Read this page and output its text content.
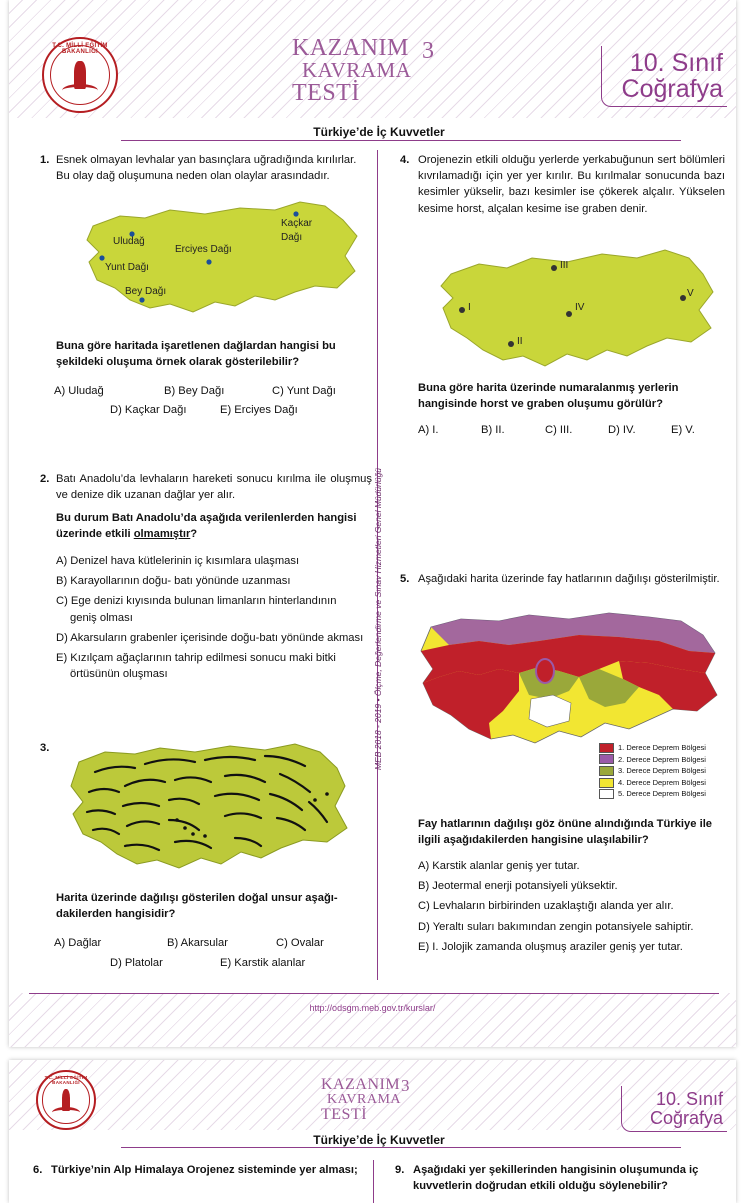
T.C. MİLLİ EĞİTİM BAKANLIĞI	KAZANIM
KAVRAMA
TESTİ
3	10. Sınıf
Coğrafya
Türkiye’de İç Kuvvetler
MEB 2018 - 2019 • Ölçme, Değerlendirme ve Sınav Hizmetleri Genel Müdürlüğü
1. Esnek olmayan levhalar yan basınçlara uğradığında kırılırlar. Bu olay dağ oluşumuna neden olan olaylar arasındadır.
Uludağ
Yunt Dağı
Bey Dağı
Erciyes Dağı
Kaçkar
Dağı
Buna göre haritada işaretlenen dağlardan hangisi bu şekildeki oluşuma örnek olarak gösterilebilir?
A) Uludağ	B) Bey Dağı	C) Yunt Dağı
D) Kaçkar Dağı	E) Erciyes Dağı
2. Batı Anadolu’da levhaların hareketi sonucu kırılma ile oluşmuş ve denize dik uzanan dağlar yer alır.
Bu durum Batı Anadolu’da aşağıda verilenlerden hangisi üzerinde etkili olmamıştır?
A) Denizel hava kütlelerinin iç kısımlara ulaşması
B) Karayollarının doğu- batı yönünde uzanması
C) Ege denizi kıyısında bulunan limanların hinterlandının geniş olması
D) Akarsuların grabenler içerisinde doğu-batı yönünde akması
E) Kızılçam ağaçlarının tahrip edilmesi sonucu maki bitki örtüsünün oluşması
3.
Harita üzerinde dağılışı gösterilen doğal unsur aşağıdakilerden hangisidir?
A) Dağlar	B) Akarsular	C) Ovalar
D) Platolar	E) Karstik alanlar
4. Orojenezin etkili olduğu yerlerde yerkabuğunun sert bölümleri kıvrılamadığı için yer yer kırılır. Bu kırılmalar sonucunda bazı kesimler yükselir, bazı kesimler ise çökerek alçalır. Yükselen kesime horst, alçalan kesime ise graben denir.
I
II
III
IV
V
Buna göre harita üzerinde numaralanmış yerlerin hangisinde horst ve graben oluşumu görülür?
A) I.	B) II.	C) III.	D) IV.	E) V.
5. Aşağıdaki harita üzerinde fay hatlarının dağılışı gösterilmiştir.
1. Derece Deprem Bölgesi
2. Derece Deprem Bölgesi
3. Derece Deprem Bölgesi
4. Derece Deprem Bölgesi
5. Derece Deprem Bölgesi
Fay hatlarının dağılışı göz önüne alındığında Türkiye ile ilgili aşağıdakilerden hangisine ulaşılabilir?
A) Karstik alanlar geniş yer tutar.
B) Jeotermal enerji potansiyeli yüksektir.
C) Levhaların birbirinden uzaklaştığı alanda yer alır.
D) Yeraltı suları bakımından zengin potansiyele sahiptir.
E) I. Jolojik zamanda oluşmuş araziler geniş yer tutar.
http://odsgm.meb.gov.tr/kurslar/
T.C. MİLLİ EĞİTİM BAKANLIĞI	KAZANIM
KAVRAMA
TESTİ
3
10. Sınıf
Coğrafya
Türkiye’de İç Kuvvetler
6. Türkiye’nin Alp Himalaya Orojenez sisteminde yer alması;	9. Aşağıdaki yer şekillerinden hangisinin oluşumunda iç kuvvetlerin doğrudan etkili olduğu söylenebilir?
